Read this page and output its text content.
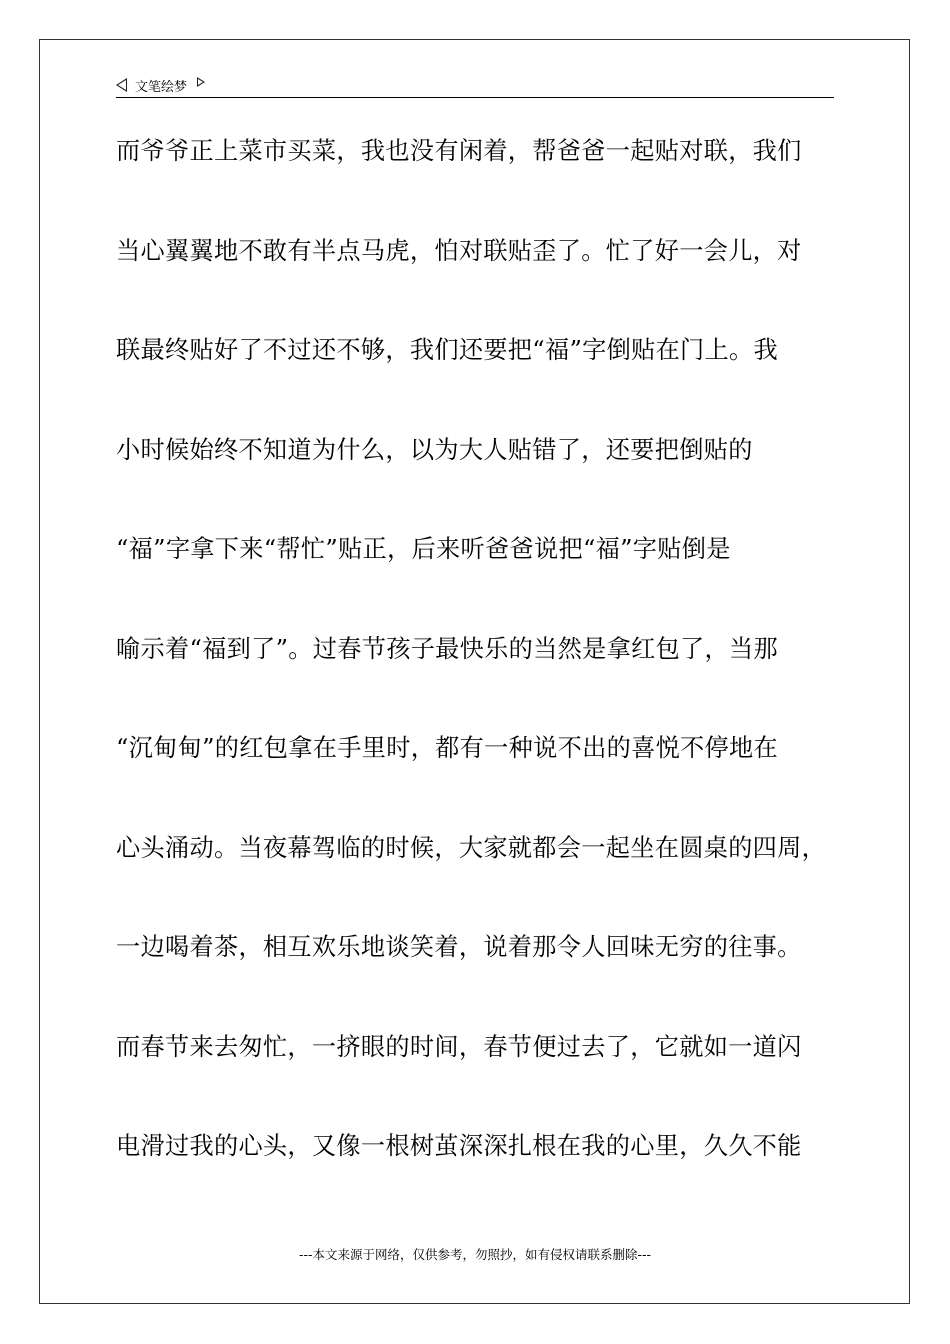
文笔绘梦
而爷爷正上菜市买菜，我也没有闲着，帮爸爸一起贴对联，我们
当心翼翼地不敢有半点马虎，怕对联贴歪了。忙了好一会儿，对
联最终贴好了不过还不够，我们还要把“福”字倒贴在门上。我
小时候始终不知道为什么，以为大人贴错了，还要把倒贴的
“福”字拿下来“帮忙”贴正，后来听爸爸说把“福”字贴倒是
喻示着“福到了”。过春节孩子最快乐的当然是拿红包了，当那
“沉甸甸”的红包拿在手里时，都有一种说不出的喜悦不停地在
心头涌动。当夜幕驾临的时候，大家就都会一起坐在圆桌的四周，
一边喝着茶，相互欢乐地谈笑着，说着那令人回味无穷的往事。
而春节来去匆忙，一挤眼的时间，春节便过去了，它就如一道闪
电滑过我的心头，又像一根树茧深深扎根在我的心里，久久不能
---本文来源于网络，仅供参考，勿照抄，如有侵权请联系删除---
